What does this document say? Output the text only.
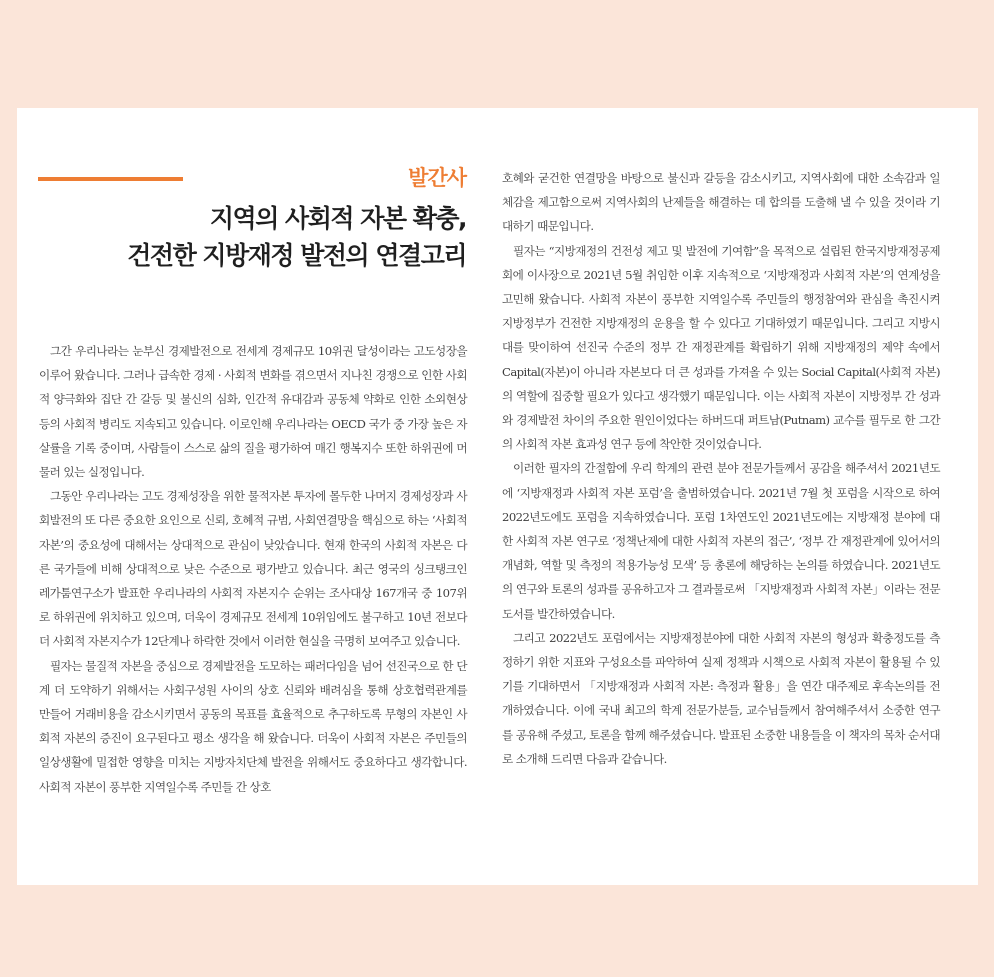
발간사
지역의 사회적 자본 확충,
건전한 지방재정 발전의 연결고리

그간 우리나라는 눈부신 경제발전으로 전세계 경제규모 10위권 달성이라는 고도성장을 이루어 왔습니다. 그러나 급속한 경제 · 사회적 변화를 겪으면서 지나친 경쟁으로 인한 사회적 양극화와 집단 간 갈등 및 불신의 심화, 인간적 유대감과 공동체 약화로 인한 소외현상 등의 사회적 병리도 지속되고 있습니다. 이로인해 우리나라는 OECD 국가 중 가장 높은 자살률을 기록 중이며, 사람들이 스스로 삶의 질을 평가하여 매긴 행복지수 또한 하위권에 머물러 있는 실정입니다.

그동안 우리나라는 고도 경제성장을 위한 물적자본 투자에 몰두한 나머지 경제성장과 사회발전의 또 다른 중요한 요인으로 신뢰, 호혜적 규범, 사회연결망을 핵심으로 하는 ‘사회적 자본’의 중요성에 대해서는 상대적으로 관심이 낮았습니다. 현재 한국의 사회적 자본은 다른 국가들에 비해 상대적으로 낮은 수준으로 평가받고 있습니다. 최근 영국의 싱크탱크인 레가툼연구소가 발표한 우리나라의 사회적 자본지수 순위는 조사대상 167개국 중 107위로 하위권에 위치하고 있으며, 더욱이 경제규모 전세계 10위임에도 불구하고 10년 전보다 더 사회적 자본지수가 12단계나 하락한 것에서 이러한 현실을 극명히 보여주고 있습니다.

필자는 물질적 자본을 중심으로 경제발전을 도모하는 패러다임을 넘어 선진국으로 한 단계 더 도약하기 위해서는 사회구성원 사이의 상호 신뢰와 배려심을 통해 상호협력관계를 만들어 거래비용을 감소시키면서 공동의 목표를 효율적으로 추구하도록 무형의 자본인 사회적 자본의 증진이 요구된다고 평소 생각을 해 왔습니다. 더욱이 사회적 자본은 주민들의 일상생활에 밀접한 영향을 미치는 지방자치단체 발전을 위해서도 중요하다고 생각합니다. 사회적 자본이 풍부한 지역일수록 주민들 간 상호

호혜와 굳건한 연결망을 바탕으로 불신과 갈등을 감소시키고, 지역사회에 대한 소속감과 일체감을 제고함으로써 지역사회의 난제들을 해결하는 데 합의를 도출해 낼 수 있을 것이라 기대하기 때문입니다.

필자는 “지방재정의 건전성 제고 및 발전에 기여함”을 목적으로 설립된 한국지방재정공제회에 이사장으로 2021년 5월 취임한 이후 지속적으로 ‘지방재정과 사회적 자본’의 연계성을 고민해 왔습니다. 사회적 자본이 풍부한 지역일수록 주민들의 행정참여와 관심을 촉진시켜 지방정부가 건전한 지방재정의 운용을 할 수 있다고 기대하였기 때문입니다. 그리고 지방시대를 맞이하여 선진국 수준의 정부 간 재정관계를 확립하기 위해 지방재정의 제약 속에서 Capital(자본)이 아니라 자본보다 더 큰 성과를 가져올 수 있는 Social Capital(사회적 자본)의 역할에 집중할 필요가 있다고 생각했기 때문입니다. 이는 사회적 자본이 지방정부 간 성과와 경제발전 차이의 주요한 원인이었다는 하버드대 퍼트남(Putnam) 교수를 필두로 한 그간의 사회적 자본 효과성 연구 등에 착안한 것이었습니다.

이러한 필자의 간절함에 우리 학계의 관련 분야 전문가들께서 공감을 해주셔서 2021년도에 ‘지방재정과 사회적 자본 포럼’을 출범하였습니다. 2021년 7월 첫 포럼을 시작으로 하여 2022년도에도 포럼을 지속하였습니다. 포럼 1차연도인 2021년도에는 지방재정 분야에 대한 사회적 자본 연구로 ‘정책난제에 대한 사회적 자본의 접근’, ‘정부 간 재정관계에 있어서의 개념화, 역할 및 측정의 적용가능성 모색’ 등 총론에 해당하는 논의를 하였습니다. 2021년도의 연구와 토론의 성과를 공유하고자 그 결과물로써 「지방재정과 사회적 자본」이라는 전문도서를 발간하였습니다.

그리고 2022년도 포럼에서는 지방재정분야에 대한 사회적 자본의 형성과 확충정도를 측정하기 위한 지표와 구성요소를 파악하여 실제 정책과 시책으로 사회적 자본이 활용될 수 있기를 기대하면서 「지방재정과 사회적 자본: 측정과 활용」을 연간 대주제로 후속논의를 전개하였습니다. 이에 국내 최고의 학계 전문가분들, 교수님들께서 참여해주셔서 소중한 연구를 공유해 주셨고, 토론을 함께 해주셨습니다. 발표된 소중한 내용들을 이 책자의 목차 순서대로 소개해 드리면 다음과 같습니다.
